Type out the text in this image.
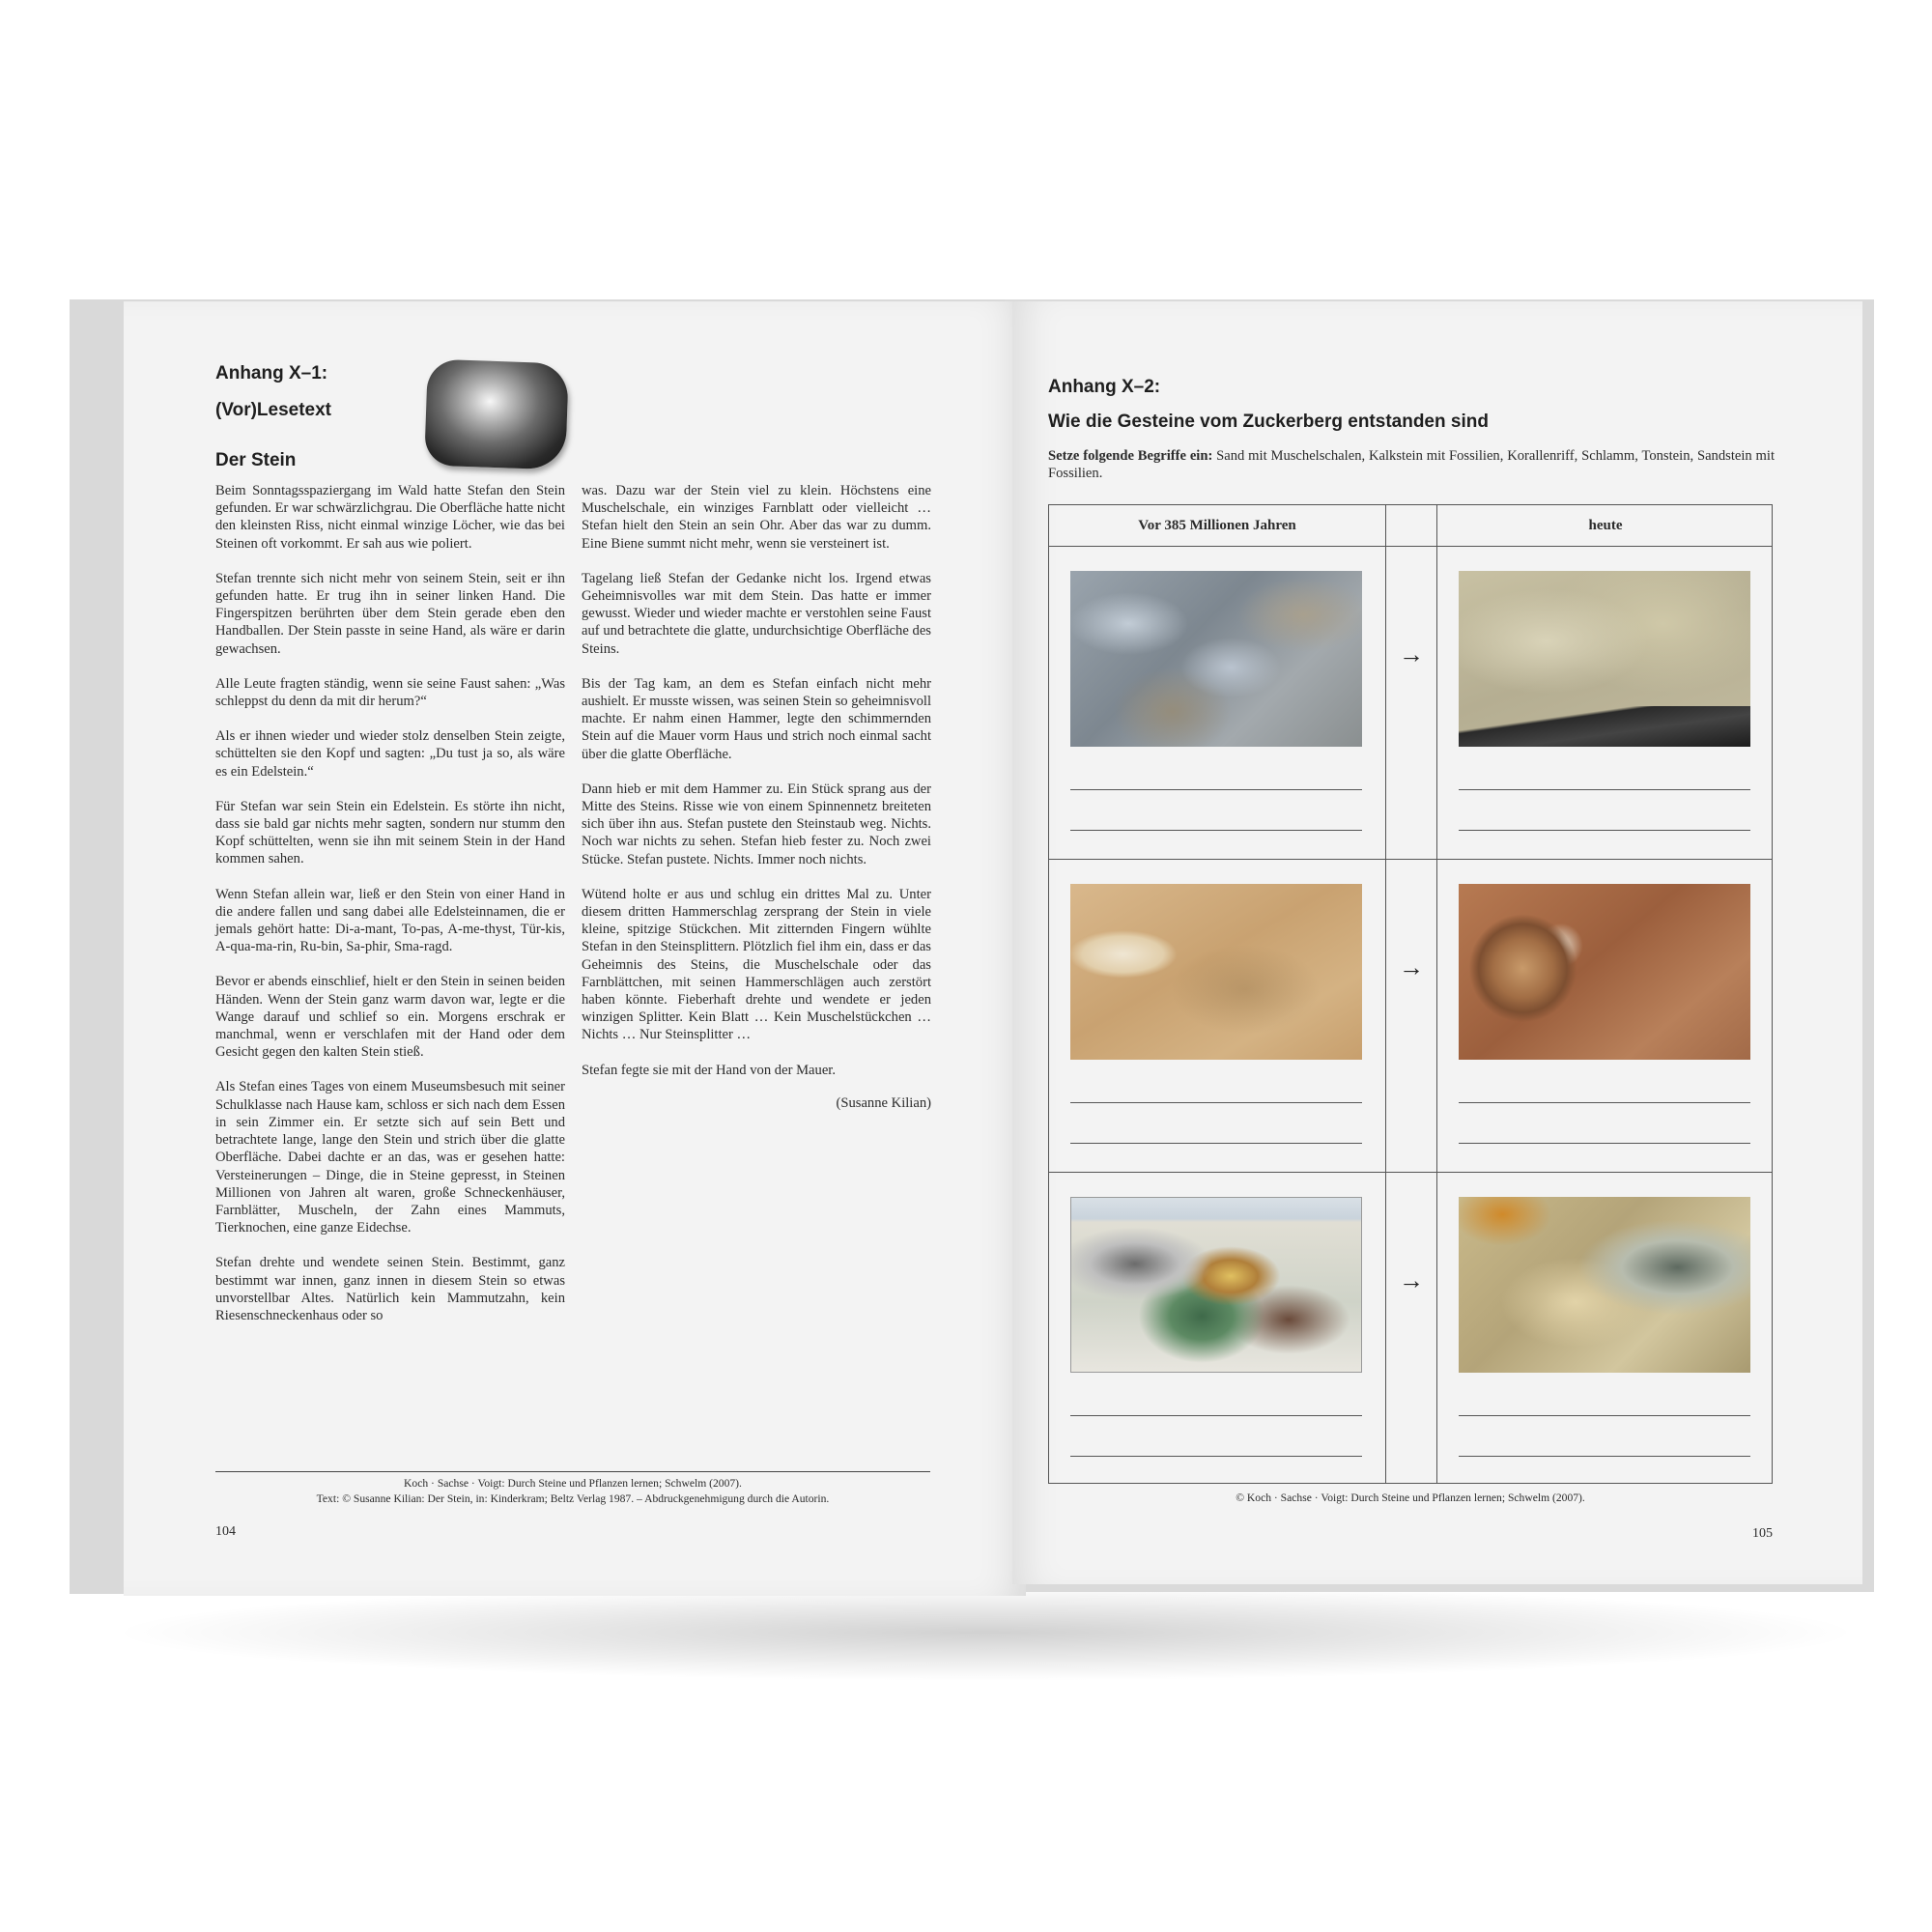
Anhang X–1:
(Vor)Lesetext
Der Stein

Beim Sonntagsspaziergang im Wald hatte Stefan den Stein gefunden. Er war schwärzlichgrau. Die Oberfläche hatte nicht den kleinsten Riss, nicht einmal winzige Löcher, wie das bei Steinen oft vorkommt. Er sah aus wie poliert.

Stefan trennte sich nicht mehr von seinem Stein, seit er ihn gefunden hatte. Er trug ihn in seiner linken Hand. Die Fingerspitzen berührten über dem Stein gerade eben den Handballen. Der Stein passte in seine Hand, als wäre er darin gewachsen.

Alle Leute fragten ständig, wenn sie seine Faust sahen: „Was schleppst du denn da mit dir herum?“

Als er ihnen wieder und wieder stolz denselben Stein zeigte, schüttelten sie den Kopf und sagten: „Du tust ja so, als wäre es ein Edelstein.“

Für Stefan war sein Stein ein Edelstein. Es störte ihn nicht, dass sie bald gar nichts mehr sagten, sondern nur stumm den Kopf schüttelten, wenn sie ihn mit seinem Stein in der Hand kommen sahen.

Wenn Stefan allein war, ließ er den Stein von einer Hand in die andere fallen und sang dabei alle Edelsteinnamen, die er jemals gehört hatte: Di-a-mant, To-pas, A-me-thyst, Tür-kis, A-qua-ma-rin, Ru-bin, Sa-phir, Sma-ragd.

Bevor er abends einschlief, hielt er den Stein in seinen beiden Händen. Wenn der Stein ganz warm davon war, legte er die Wange darauf und schlief so ein. Morgens erschrak er manchmal, wenn er verschlafen mit der Hand oder dem Gesicht gegen den kalten Stein stieß.

Als Stefan eines Tages von einem Museumsbesuch mit seiner Schulklasse nach Hause kam, schloss er sich nach dem Essen in sein Zimmer ein. Er setzte sich auf sein Bett und betrachtete lange, lange den Stein und strich über die glatte Oberfläche. Dabei dachte er an das, was er gesehen hatte: Versteinerungen – Dinge, die in Steine gepresst, in Steinen Millionen von Jahren alt waren, große Schneckenhäuser, Farnblätter, Muscheln, der Zahn eines Mammuts, Tierknochen, eine ganze Eidechse.

Stefan drehte und wendete seinen Stein. Bestimmt, ganz bestimmt war innen, ganz innen in diesem Stein so etwas unvorstellbar Altes. Natürlich kein Mammutzahn, kein Riesenschneckenhaus oder so

was. Dazu war der Stein viel zu klein. Höchstens eine Muschelschale, ein winziges Farnblatt oder vielleicht … Stefan hielt den Stein an sein Ohr. Aber das war zu dumm. Eine Biene summt nicht mehr, wenn sie versteinert ist.

Tagelang ließ Stefan der Gedanke nicht los. Irgend etwas Geheimnisvolles war mit dem Stein. Das hatte er immer gewusst. Wieder und wieder machte er verstohlen seine Faust auf und betrachtete die glatte, undurchsichtige Oberfläche des Steins.

Bis der Tag kam, an dem es Stefan einfach nicht mehr aushielt. Er musste wissen, was seinen Stein so geheimnisvoll machte. Er nahm einen Hammer, legte den schimmernden Stein auf die Mauer vorm Haus und strich noch einmal sacht über die glatte Oberfläche.

Dann hieb er mit dem Hammer zu. Ein Stück sprang aus der Mitte des Steins. Risse wie von einem Spinnennetz breiteten sich über ihn aus. Stefan pustete den Steinstaub weg. Nichts. Noch war nichts zu sehen. Stefan hieb fester zu. Noch zwei Stücke. Stefan pustete. Nichts. Immer noch nichts.

Wütend holte er aus und schlug ein drittes Mal zu. Unter diesem dritten Hammerschlag zersprang der Stein in viele kleine, spitzige Stückchen. Mit zitternden Fingern wühlte Stefan in den Steinsplittern. Plötzlich fiel ihm ein, dass er das Geheimnis des Steins, die Muschelschale oder das Farnblättchen, mit seinen Hammerschlägen auch zerstört haben könnte. Fieberhaft drehte und wendete er jeden winzigen Splitter. Kein Blatt … Kein Muschelstückchen … Nichts … Nur Steinsplitter …

Stefan fegte sie mit der Hand von der Mauer.

(Susanne Kilian)
Koch · Sachse · Voigt: Durch Steine und Pflanzen lernen; Schwelm (2007).
Text: © Susanne Kilian: Der Stein, in: Kinderkram; Beltz Verlag 1987. – Abdruckgenehmigung durch die Autorin.
104
Anhang X–2:
Wie die Gesteine vom Zuckerberg entstanden sind
Setze folgende Begriffe ein: Sand mit Muschelschalen, Kalkstein mit Fossilien, Korallenriff, Schlamm, Tonstein, Sandstein mit Fossilien.
Vor 385 Millionen Jahren	heute
→
→
→
© Koch · Sachse · Voigt: Durch Steine und Pflanzen lernen; Schwelm (2007).
105
